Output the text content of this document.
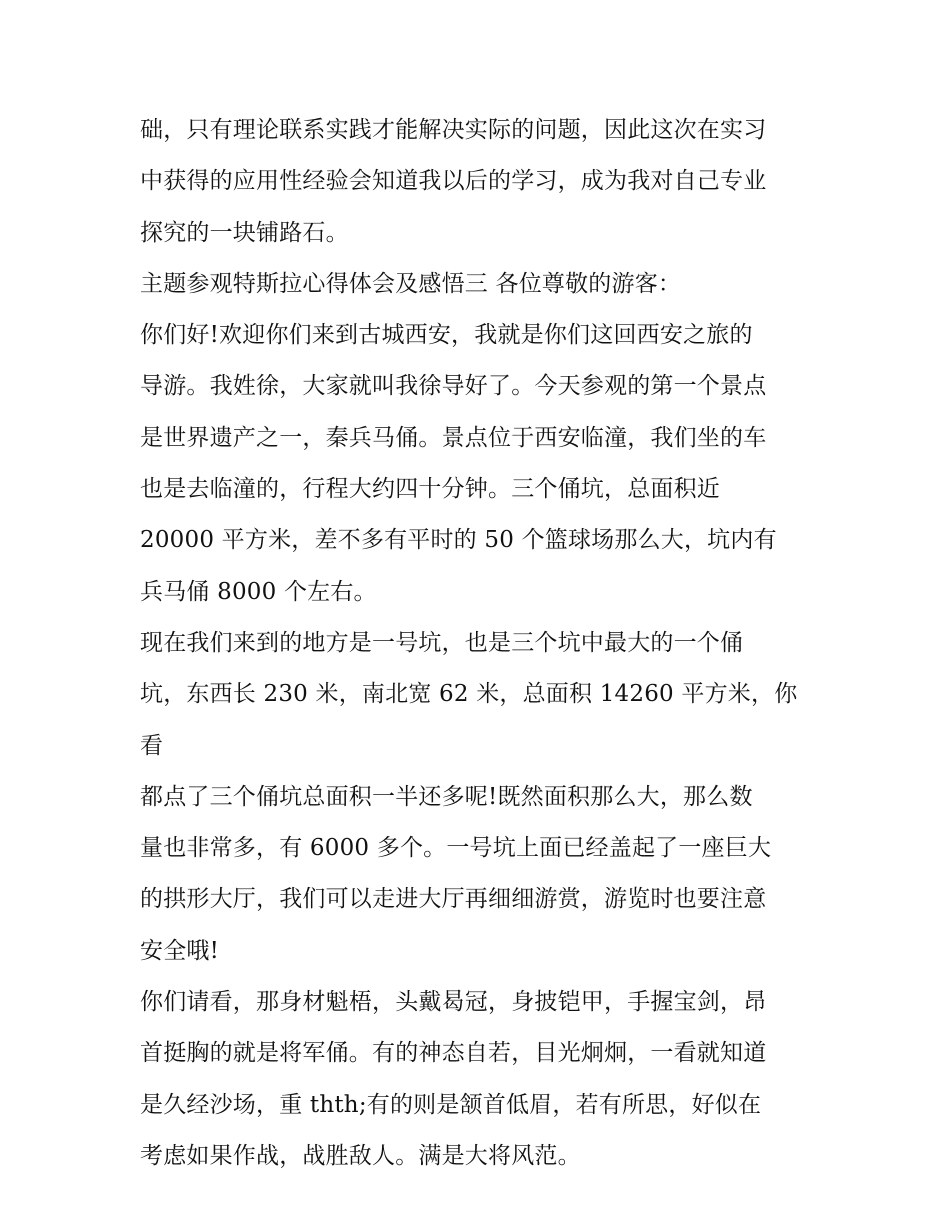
础，只有理论联系实践才能解决实际的问题，因此这次在实习
中获得的应用性经验会知道我以后的学习，成为我对自己专业
探究的一块铺路石。

主题参观特斯拉心得体会及感悟三 各位尊敬的游客：

你们好!欢迎你们来到古城西安，我就是你们这回西安之旅的
导游。我姓徐，大家就叫我徐导好了。今天参观的第一个景点
是世界遗产之一，秦兵马俑。景点位于西安临潼，我们坐的车
也是去临潼的，行程大约四十分钟。三个俑坑，总面积近
20000 平方米，差不多有平时的 50 个篮球场那么大，坑内有
兵马俑 8000 个左右。

现在我们来到的地方是一号坑，也是三个坑中最大的一个俑
坑，东西长 230 米，南北宽 62 米，总面积 14260 平方米，你看
都点了三个俑坑总面积一半还多呢!既然面积那么大，那么数
量也非常多，有 6000 多个。一号坑上面已经盖起了一座巨大
的拱形大厅，我们可以走进大厅再细细游赏，游览时也要注意
安全哦!

你们请看，那身材魁梧，头戴曷冠，身披铠甲，手握宝剑，昂
首挺胸的就是将军俑。有的神态自若，目光炯炯，一看就知道
是久经沙场，重 thth;有的则是颔首低眉，若有所思，好似在
考虑如果作战，战胜敌人。满是大将风范。
